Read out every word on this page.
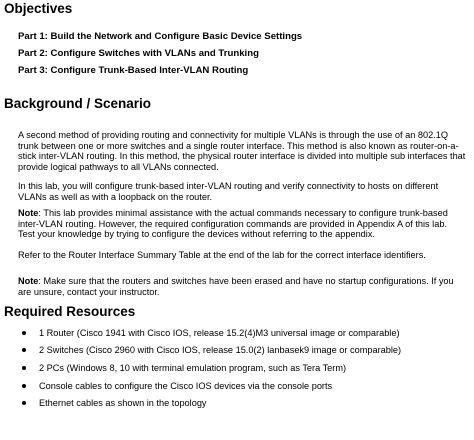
Objectives

Part 1: Build the Network and Configure Basic Device Settings

Part 2: Configure Switches with VLANs and Trunking

Part 3: Configure Trunk-Based Inter-VLAN Routing

Background / Scenario

A second method of providing routing and connectivity for multiple VLANs is through the use of an 802.1Q trunk between one or more switches and a single router interface. This method is also known as router-on-a-stick inter-VLAN routing. In this method, the physical router interface is divided into multiple sub interfaces that provide logical pathways to all VLANs connected.

In this lab, you will configure trunk-based inter-VLAN routing and verify connectivity to hosts on different VLANs as well as with a loopback on the router.

Note: This lab provides minimal assistance with the actual commands necessary to configure trunk-based inter-VLAN routing. However, the required configuration commands are provided in Appendix A of this lab. Test your knowledge by trying to configure the devices without referring to the appendix.

Refer to the Router Interface Summary Table at the end of the lab for the correct interface identifiers.

Note: Make sure that the routers and switches have been erased and have no startup configurations. If you are unsure, contact your instructor.

Required Resources
1 Router (Cisco 1941 with Cisco IOS, release 15.2(4)M3 universal image or comparable)
2 Switches (Cisco 2960 with Cisco IOS, release 15.0(2) lanbasek9 image or comparable)
2 PCs (Windows 8, 10 with terminal emulation program, such as Tera Term)
Console cables to configure the Cisco IOS devices via the console ports
Ethernet cables as shown in the topology
